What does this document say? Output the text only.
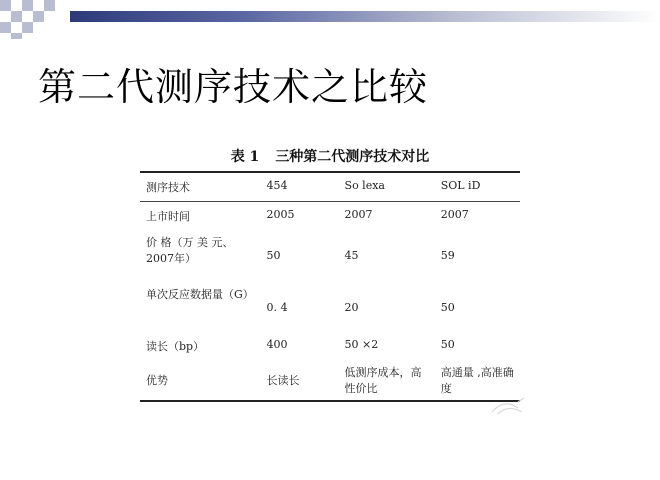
第二代测序技术之比较
表 1 三种第二代测序技术对比
测序技术	454	So lexa	SOL iD
上市时间	2005	2007	2007
价 格（万 美 元、2007年）	50	45	59
单次反应数据量（G）	0. 4	20	50
读长（bp）	400	50 ×2	50
优势	长读长	低测序成本，高性价比	高通量 ,高准确度
